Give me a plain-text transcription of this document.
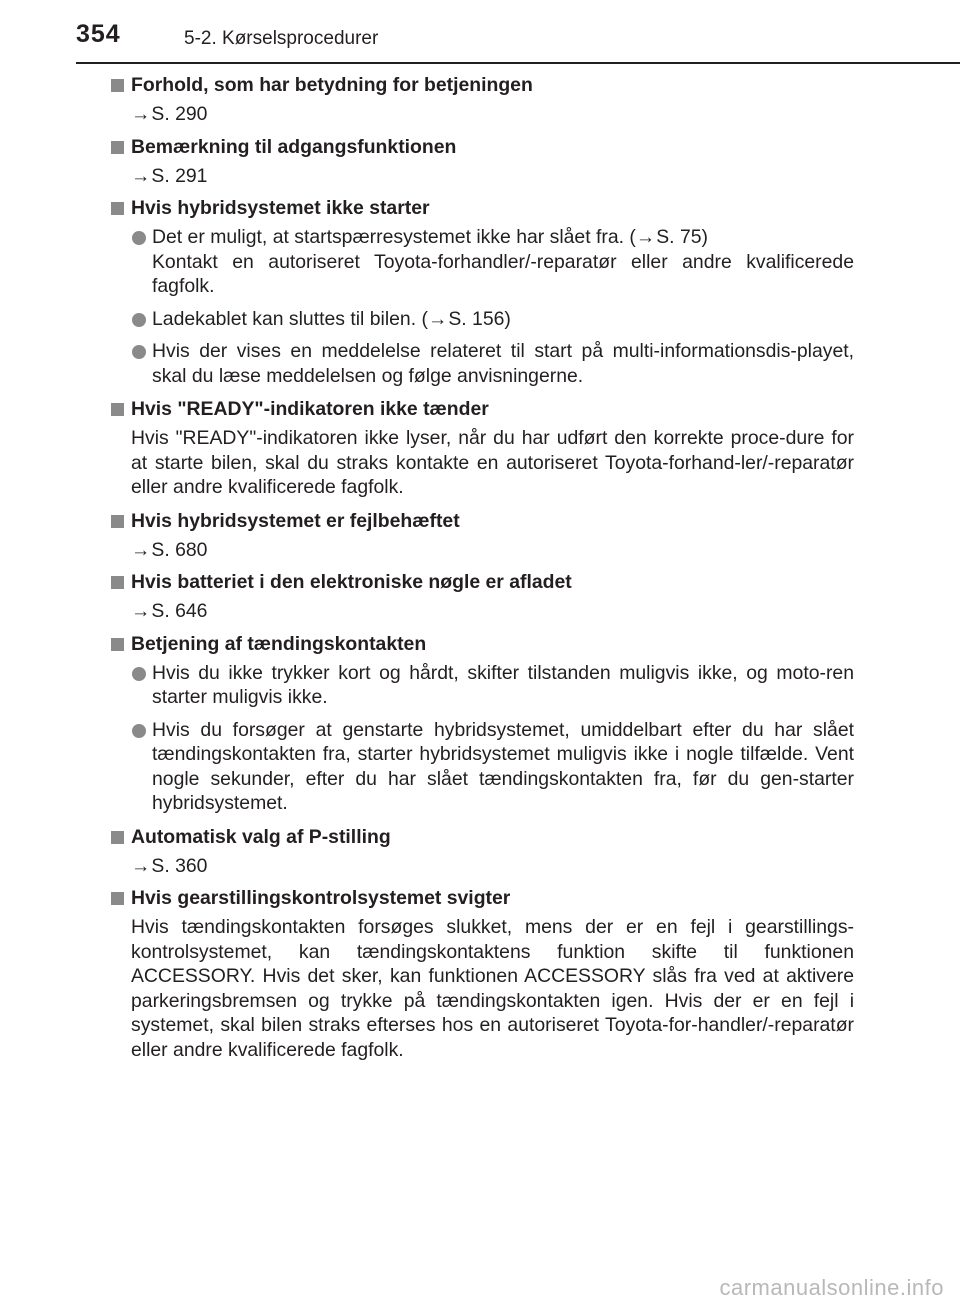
354	5-2. Kørselsprocedurer
Forhold, som har betydning for betjeningen
→S. 290
Bemærkning til adgangsfunktionen
→S. 291
Hvis hybridsystemet ikke starter
Det er muligt, at startspærresystemet ikke har slået fra. (→S. 75)
Kontakt en autoriseret Toyota-forhandler/-reparatør eller andre kvalificerede fagfolk.
Ladekablet kan sluttes til bilen. (→S. 156)
Hvis der vises en meddelelse relateret til start på multi-informationsdis-playet, skal du læse meddelelsen og følge anvisningerne.
Hvis "READY"-indikatoren ikke tænder
Hvis "READY"-indikatoren ikke lyser, når du har udført den korrekte proce-dure for at starte bilen, skal du straks kontakte en autoriseret Toyota-forhand-ler/-reparatør eller andre kvalificerede fagfolk.
Hvis hybridsystemet er fejlbehæftet
→S. 680
Hvis batteriet i den elektroniske nøgle er afladet
→S. 646
Betjening af tændingskontakten
Hvis du ikke trykker kort og hårdt, skifter tilstanden muligvis ikke, og moto-ren starter muligvis ikke.
Hvis du forsøger at genstarte hybridsystemet, umiddelbart efter du har slået tændingskontakten fra, starter hybridsystemet muligvis ikke i nogle tilfælde. Vent nogle sekunder, efter du har slået tændingskontakten fra, før du gen-starter hybridsystemet.
Automatisk valg af P-stilling
→S. 360
Hvis gearstillingskontrolsystemet svigter
Hvis tændingskontakten forsøges slukket, mens der er en fejl i gearstillings-kontrolsystemet, kan tændingskontaktens funktion skifte til funktionen ACCESSORY. Hvis det sker, kan funktionen ACCESSORY slås fra ved at aktivere parkeringsbremsen og trykke på tændingskontakten igen. Hvis der er en fejl i systemet, skal bilen straks efterses hos en autoriseret Toyota-for-handler/-reparatør eller andre kvalificerede fagfolk.
carmanualsonline.info
